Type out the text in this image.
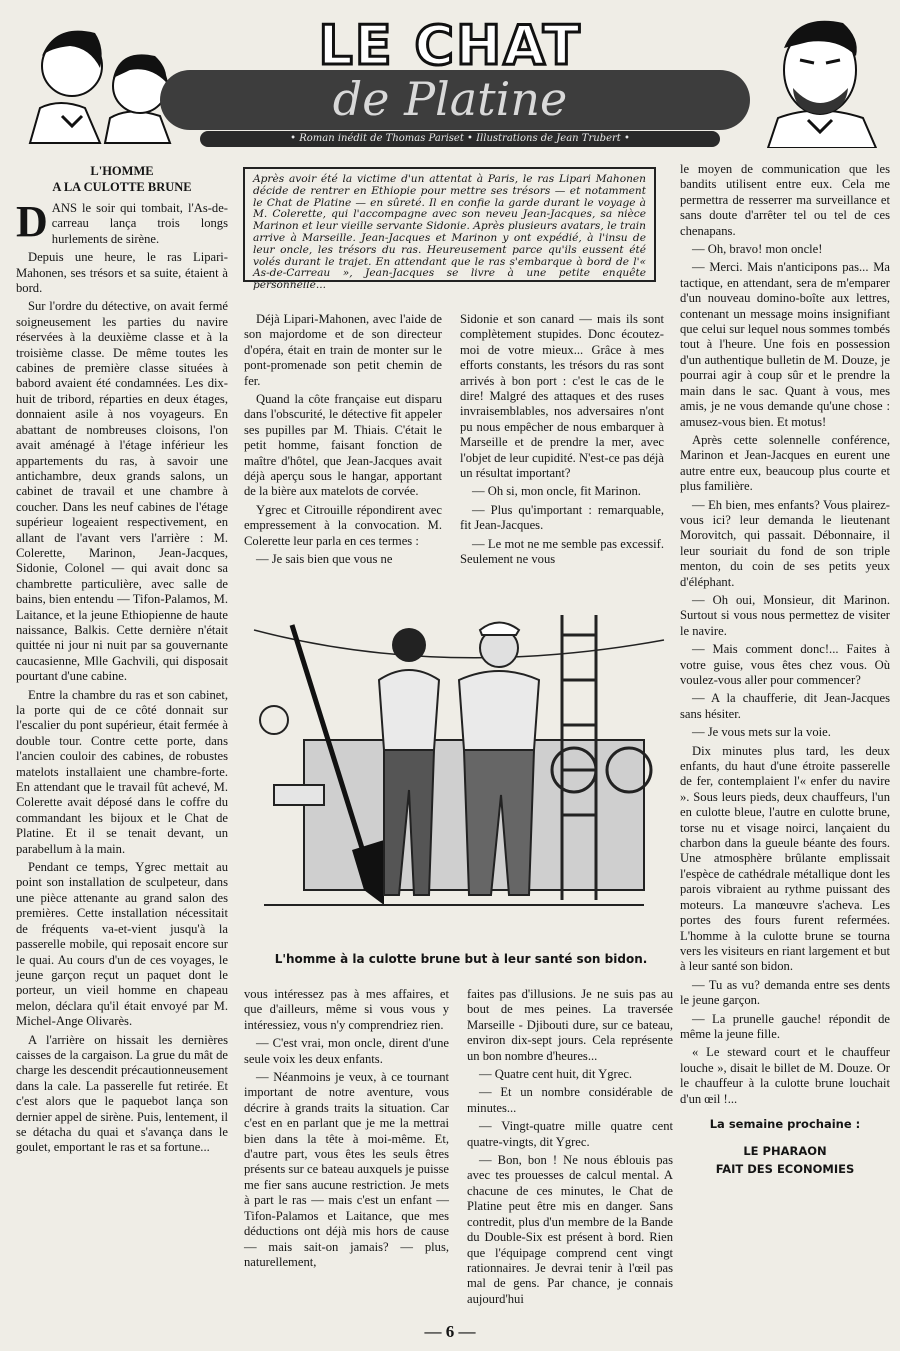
LE CHAT
de Platine
• Roman inédit de Thomas Pariset • Illustrations de Jean Trubert •
L'HOMME
A LA CULOTTE BRUNE

DANS le soir qui tombait, l'As-de-carreau lança trois longs hurlements de sirène.

Depuis une heure, le ras Lipari-Mahonen, ses trésors et sa suite, étaient à bord.

Sur l'ordre du détective, on avait fermé soigneusement les parties du navire réservées à la deuxième classe et à la troisième classe. De même toutes les cabines de première classe situées à babord avaient été condamnées. Les dix-huit de tribord, réparties en deux étages, donnaient asile à nos voyageurs. En abattant de nombreuses cloisons, l'on avait aménagé à l'étage inférieur les appartements du ras, à savoir une antichambre, deux grands salons, un cabinet de travail et une chambre à coucher. Dans les neuf cabines de l'étage supérieur logeaient respectivement, en allant de l'avant vers l'arrière : M. Colerette, Marinon, Jean-Jacques, Sidonie, Colonel — qui avait donc sa chambrette particulière, avec salle de bains, bien entendu — Tifon-Palamos, M. Laitance, et la jeune Ethiopienne de haute naissance, Balkis. Cette dernière n'était quittée ni jour ni nuit par sa gouvernante caucasienne, Mlle Gachvili, qui disposait pourtant d'une cabine.

Entre la chambre du ras et son cabinet, la porte qui de ce côté donnait sur l'escalier du pont supérieur, était fermée à double tour. Contre cette porte, dans l'ancien couloir des cabines, de robustes matelots installaient une chambre-forte. En attendant que le travail fût achevé, M. Colerette avait déposé dans le coffre du commandant les bijoux et le Chat de Platine. Et il se tenait devant, un parabellum à la main.

Pendant ce temps, Ygrec mettait au point son installation de sculpeteur, dans une pièce attenante au grand salon des premières. Cette installation nécessitait de fréquents va-et-vient jusqu'à la passerelle mobile, qui reposait encore sur le quai. Au cours d'un de ces voyages, le jeune garçon reçut un paquet dont le porteur, un vieil homme en chapeau melon, déclara qu'il était envoyé par M. Michel-Ange Olivarès.

A l'arrière on hissait les dernières caisses de la cargaison. La grue du mât de charge les descendit précautionneusement dans la cale. La passerelle fut retirée. Et c'est alors que le paquebot lança son dernier appel de sirène. Puis, lentement, il se détacha du quai et s'avança dans le goulet, emportant le ras et sa fortune...

Après avoir été la victime d'un attentat à Paris, le ras Lipari Mahonen décide de rentrer en Ethiopie pour mettre ses trésors — et notamment le Chat de Platine — en sûreté. Il en confie la garde durant le voyage à M. Colerette, qui l'accompagne avec son neveu Jean-Jacques, sa nièce Marinon et leur vieille servante Sidonie. Après plusieurs avatars, le train arrive à Marseille. Jean-Jacques et Marinon y ont expédié, à l'insu de leur oncle, les trésors du ras. Heureusement parce qu'ils eussent été volés durant le trajet. En attendant que le ras s'embarque à bord de l'« As-de-Carreau », Jean-Jacques se livre à une petite enquête personnelle...

Déjà Lipari-Mahonen, avec l'aide de son majordome et de son directeur d'opéra, était en train de monter sur le pont-promenade son petit chemin de fer.

Quand la côte française eut disparu dans l'obscurité, le détective fit appeler ses pupilles par M. Thiais. C'était le petit homme, faisant fonction de maître d'hôtel, que Jean-Jacques avait déjà aperçu sous le hangar, apportant de la bière aux matelots de corvée.

Ygrec et Citrouille répondirent avec empressement à la convocation. M. Colerette leur parla en ces termes :

— Je sais bien que vous ne

Sidonie et son canard — mais ils sont complètement stupides. Donc écoutez-moi de votre mieux... Grâce à mes efforts constants, les trésors du ras sont arrivés à bon port : c'est le cas de le dire! Malgré des attaques et des ruses invraisemblables, nos adversaires n'ont pu nous empêcher de nous embarquer à Marseille et de prendre la mer, avec l'objet de leur cupidité. N'est-ce pas déjà un résultat important?

— Oh si, mon oncle, fit Marinon.

— Plus qu'important : remarquable, fit Jean-Jacques.

— Le mot ne me semble pas excessif. Seulement ne vous

L'homme à la culotte brune but à leur santé son bidon.

vous intéressez pas à mes affaires, et que d'ailleurs, même si vous vous y intéressiez, vous n'y comprendriez rien.

— C'est vrai, mon oncle, dirent d'une seule voix les deux enfants.

— Néanmoins je veux, à ce tournant important de notre aventure, vous décrire à grands traits la situation. Car c'est en en parlant que je me la mettrai bien dans la tête à moi-même. Et, d'autre part, vous êtes les seuls êtres présents sur ce bateau auxquels je puisse me fier sans aucune restriction. Je mets à part le ras — mais c'est un enfant — Tifon-Palamos et Laitance, que mes déductions ont déjà mis hors de cause — mais sait-on jamais? — plus, naturellement,

faites pas d'illusions. Je ne suis pas au bout de mes peines. La traversée Marseille - Djibouti dure, sur ce bateau, environ dix-sept jours. Cela représente un bon nombre d'heures...

— Quatre cent huit, dit Ygrec.

— Et un nombre considérable de minutes...

— Vingt-quatre mille quatre cent quatre-vingts, dit Ygrec.

— Bon, bon ! Ne nous éblouis pas avec tes prouesses de calcul mental. A chacune de ces minutes, le Chat de Platine peut être mis en danger. Sans contredit, plus d'un membre de la Bande du Double-Six est présent à bord. Rien que l'équipage comprend cent vingt rationnaires. Je devrai tenir à l'œil pas mal de gens. Par chance, je connais aujourd'hui

le moyen de communication que les bandits utilisent entre eux. Cela me permettra de resserrer ma surveillance et sans doute d'arrêter tel ou tel de ces chenapans.

— Oh, bravo! mon oncle!

— Merci. Mais n'anticipons pas... Ma tactique, en attendant, sera de m'emparer d'un nouveau domino-boîte aux lettres, contenant un message moins insignifiant que celui sur lequel nous sommes tombés tout à l'heure. Une fois en possession d'un authentique bulletin de M. Douze, je pourrai agir à coup sûr et le prendre la main dans le sac. Quant à vous, mes amis, je ne vous demande qu'une chose : amusez-vous bien. Et motus!

Après cette solennelle conférence, Marinon et Jean-Jacques en eurent une autre entre eux, beaucoup plus courte et plus familière.

— Eh bien, mes enfants? Vous plairez-vous ici? leur demanda le lieutenant Morovitch, qui passait. Débonnaire, il leur souriait du fond de son triple menton, du coin de ses petits yeux d'éléphant.

— Oh oui, Monsieur, dit Marinon. Surtout si vous nous permettez de visiter le navire.

— Mais comment donc!... Faites à votre guise, vous êtes chez vous. Où voulez-vous aller pour commencer?

— A la chaufferie, dit Jean-Jacques sans hésiter.

— Je vous mets sur la voie.

Dix minutes plus tard, les deux enfants, du haut d'une étroite passerelle de fer, contemplaient l'« enfer du navire ». Sous leurs pieds, deux chauffeurs, l'un en culotte bleue, l'autre en culotte brune, torse nu et visage noirci, lançaient du charbon dans la gueule béante des fours. Une atmosphère brûlante emplissait l'espèce de cathédrale métallique dont les parois vibraient au rythme puissant des moteurs. La manœuvre s'acheva. Les portes des fours furent refermées. L'homme à la culotte brune se tourna vers les visiteurs en riant largement et but à leur santé son bidon.

— Tu as vu? demanda entre ses dents le jeune garçon.

— La prunelle gauche! répondit de même la jeune fille.

« Le steward court et le chauffeur louche », disait le billet de M. Douze. Or le chauffeur à la culotte brune louchait d'un œil !...

La semaine prochaine :
LE PHARAON
FAIT DES ECONOMIES
— 6 —
